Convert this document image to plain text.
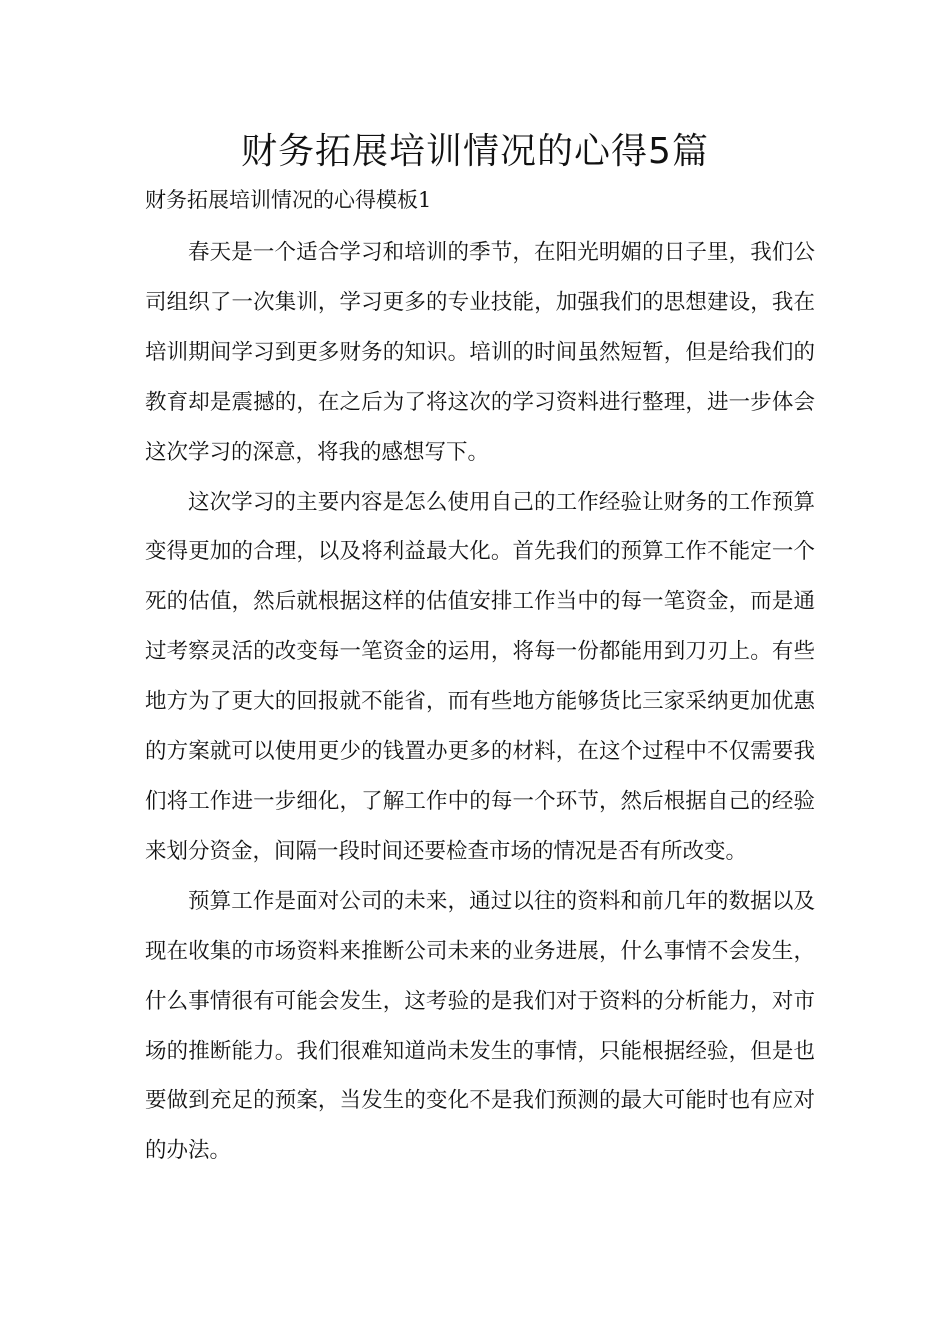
财务拓展培训情况的心得5篇

财务拓展培训情况的心得模板1

春天是一个适合学习和培训的季节，在阳光明媚的日子里，我们公司组织了一次集训，学习更多的专业技能，加强我们的思想建设，我在培训期间学习到更多财务的知识。培训的时间虽然短暂，但是给我们的教育却是震撼的，在之后为了将这次的学习资料进行整理，进一步体会这次学习的深意，将我的感想写下。

这次学习的主要内容是怎么使用自己的工作经验让财务的工作预算变得更加的合理，以及将利益最大化。首先我们的预算工作不能定一个死的估值，然后就根据这样的估值安排工作当中的每一笔资金，而是通过考察灵活的改变每一笔资金的运用，将每一份都能用到刀刃上。有些地方为了更大的回报就不能省，而有些地方能够货比三家采纳更加优惠的方案就可以使用更少的钱置办更多的材料，在这个过程中不仅需要我们将工作进一步细化，了解工作中的每一个环节，然后根据自己的经验来划分资金，间隔一段时间还要检查市场的情况是否有所改变。

预算工作是面对公司的未来，通过以往的资料和前几年的数据以及现在收集的市场资料来推断公司未来的业务进展，什么事情不会发生，什么事情很有可能会发生，这考验的是我们对于资料的分析能力，对市场的推断能力。我们很难知道尚未发生的事情，只能根据经验，但是也要做到充足的预案，当发生的变化不是我们预测的最大可能时也有应对的办法。
